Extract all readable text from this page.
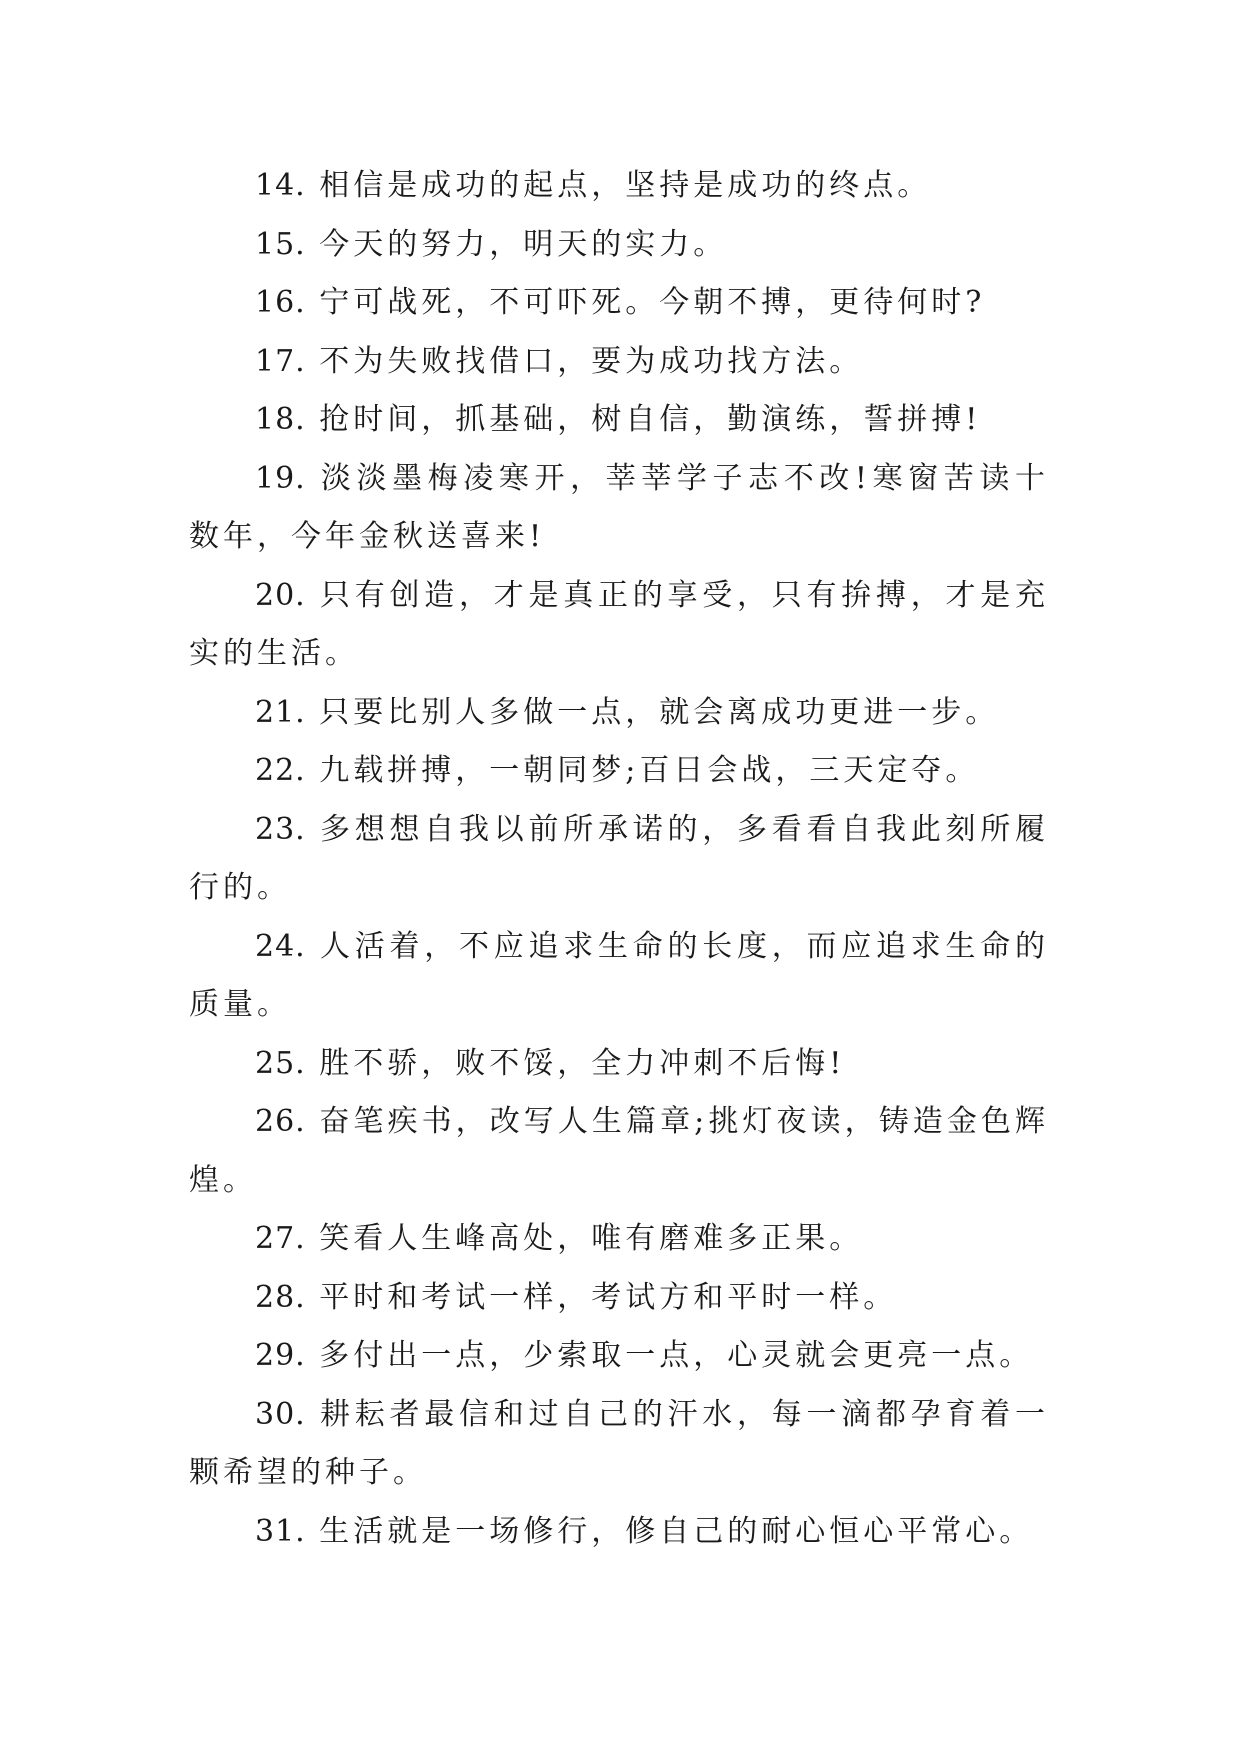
14. 相信是成功的起点，坚持是成功的终点。

15. 今天的努力，明天的实力。

16. 宁可战死，不可吓死。今朝不搏，更待何时?

17. 不为失败找借口，要为成功找方法。

18. 抢时间，抓基础，树自信，勤演练，誓拼搏!

19. 淡淡墨梅凌寒开，莘莘学子志不改!寒窗苦读十数年，今年金秋送喜来!

20. 只有创造，才是真正的享受，只有拚搏，才是充实的生活。

21. 只要比别人多做一点，就会离成功更进一步。

22. 九载拼搏，一朝同梦;百日会战，三天定夺。

23. 多想想自我以前所承诺的，多看看自我此刻所履行的。

24. 人活着，不应追求生命的长度，而应追求生命的质量。

25. 胜不骄，败不馁，全力冲刺不后悔!

26. 奋笔疾书，改写人生篇章;挑灯夜读，铸造金色辉煌。

27. 笑看人生峰高处，唯有磨难多正果。

28. 平时和考试一样，考试方和平时一样。

29. 多付出一点，少索取一点，心灵就会更亮一点。

30. 耕耘者最信和过自己的汗水，每一滴都孕育着一颗希望的种子。

31. 生活就是一场修行，修自己的耐心恒心平常心。
